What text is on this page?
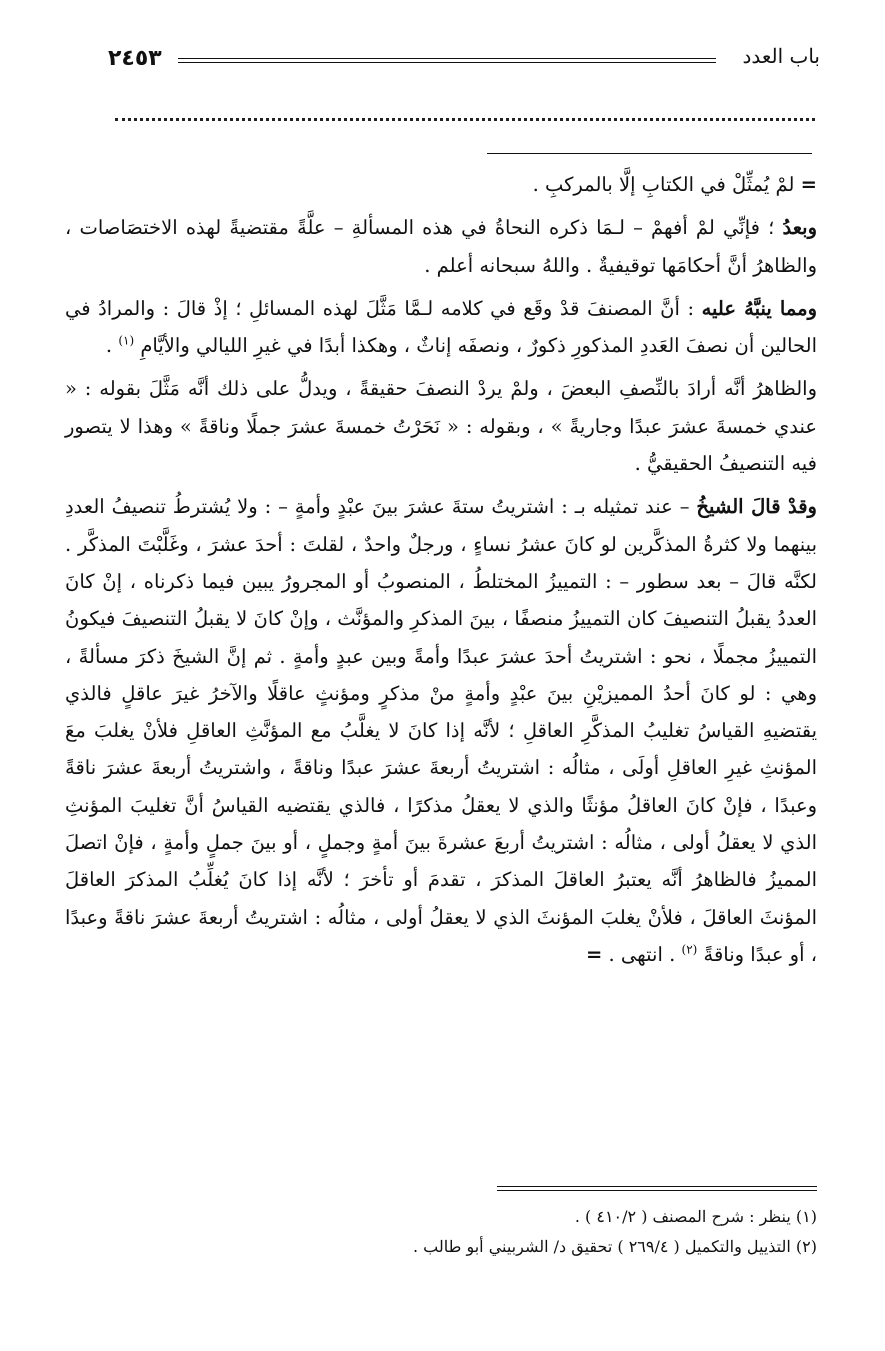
٢٤٥٣	باب العدد

= لمْ يُمثِّلْ في الكتابِ إلَّا بالمركبِ .

وبعدُ ؛ فإنِّي لمْ أفهمْ – لـمَا ذكره النحاةُ في هذه المسألةِ – علَّةً مقتضيةً لهذه الاختصَاصات ، والظاهرُ أنَّ أحكامَها توقيفيةٌ . واللهُ سبحانه أعلم .

ومما ينبَّهُ عليه : أنَّ المصنفَ قدْ وقَع في كلامه لـمَّا مَثَّلَ لهذه المسائلِ ؛ إذْ قالَ : والمرادُ في الحالين أن نصفَ العَددِ المذكورِ ذكورٌ ، ونصفَه إناثٌ ، وهكذا أبدًا في غيرِ الليالي والأيَّامِ $^{(١)}$ .

والظاهرُ أنَّه أرادَ بالنِّصفِ البعضَ ، ولمْ يردْ النصفَ حقيقةً ، ويدلُّ على ذلك أنَّه مَثَّلَ بقوله : « عندي خمسةَ عشرَ عبدًا وجاريةً » ، وبقوله : « نَحَرْتُ خمسةَ عشرَ جملًا وناقةً » وهذا لا يتصور فيه التنصيفُ الحقيقيُّ .

وقدْ قالَ الشيخُ – عند تمثيله بـ : اشتريتُ ستةَ عشرَ بينَ عبْدٍ وأمةٍ – : ولا يُشترطُ تنصيفُ العددِ بينهما ولا كثرةُ المذكَّرين لو كانَ عشرُ نساءٍ ، ورجلٌ واحدٌ ، لقلتَ : أحدَ عشرَ ، وغَلَّبْتَ المذكَّر . لكنَّه قالَ – بعد سطور – : التمييزُ المختلطُ ، المنصوبُ أو المجرورُ يبين فيما ذكرناه ، إنْ كانَ العددُ يقبلُ التنصيفَ كان التمييزُ منصفًا ، بينَ المذكرِ والمؤنَّث ، وإنْ كانَ لا يقبلُ التنصيفَ فيكونُ التمييزُ مجملًا ، نحو : اشتريتُ أحدَ عشرَ عبدًا وأمةً وبين عبدٍ وأمةٍ . ثم إنَّ الشيخَ ذكرَ مسألةً ، وهي : لو كانَ أحدُ المميزيْنِ بينَ عبْدٍ وأمةٍ منْ مذكرٍ ومؤنثٍ عاقلًا والآخرُ غيرَ عاقلٍ فالذي يقتضيهِ القياسُ تغليبُ المذكَّرِ العاقلِ ؛ لأنَّه إذا كانَ لا يغلَّبُ مع المؤنَّثِ العاقلِ فلأنْ يغلبَ معَ المؤنثِ غيرِ العاقلِ أولَى ، مثالُه : اشتريتُ أربعةَ عشرَ عبدًا وناقةً ، واشتريتُ أربعةَ عشرَ ناقةً وعبدًا ، فإنْ كانَ العاقلُ مؤنثًا والذي لا يعقلُ مذكرًا ، فالذي يقتضيه القياسُ أنَّ تغليبَ المؤنثِ الذي لا يعقلُ أولى ، مثالُه : اشتريتُ أربعَ عشرةَ بينَ أمةٍ وجملٍ ، أو بينَ جملٍ وأمةٍ ، فإنْ اتصلَ المميزُ فالظاهرُ أنَّه يعتبرُ العاقلَ المذكرَ ، تقدمَ أو تأخرَ ؛ لأنَّه إذا كانَ يُغلِّبُ المذكرَ العاقلَ المؤنثَ العاقلَ ، فلأنْ يغلبَ المؤنثَ الذي لا يعقلُ أولى ، مثالُه : اشتريتُ أربعةَ عشرَ ناقةً وعبدًا ، أو عبدًا وناقةً $^{(٢)}$ . انتهى . =

(١) ينظر : شرح المصنف ( ٤١٠/٢ ) .

(٢) التذييل والتكميل ( ٢٦٩/٤ ) تحقيق د/ الشربيني أبو طالب .
